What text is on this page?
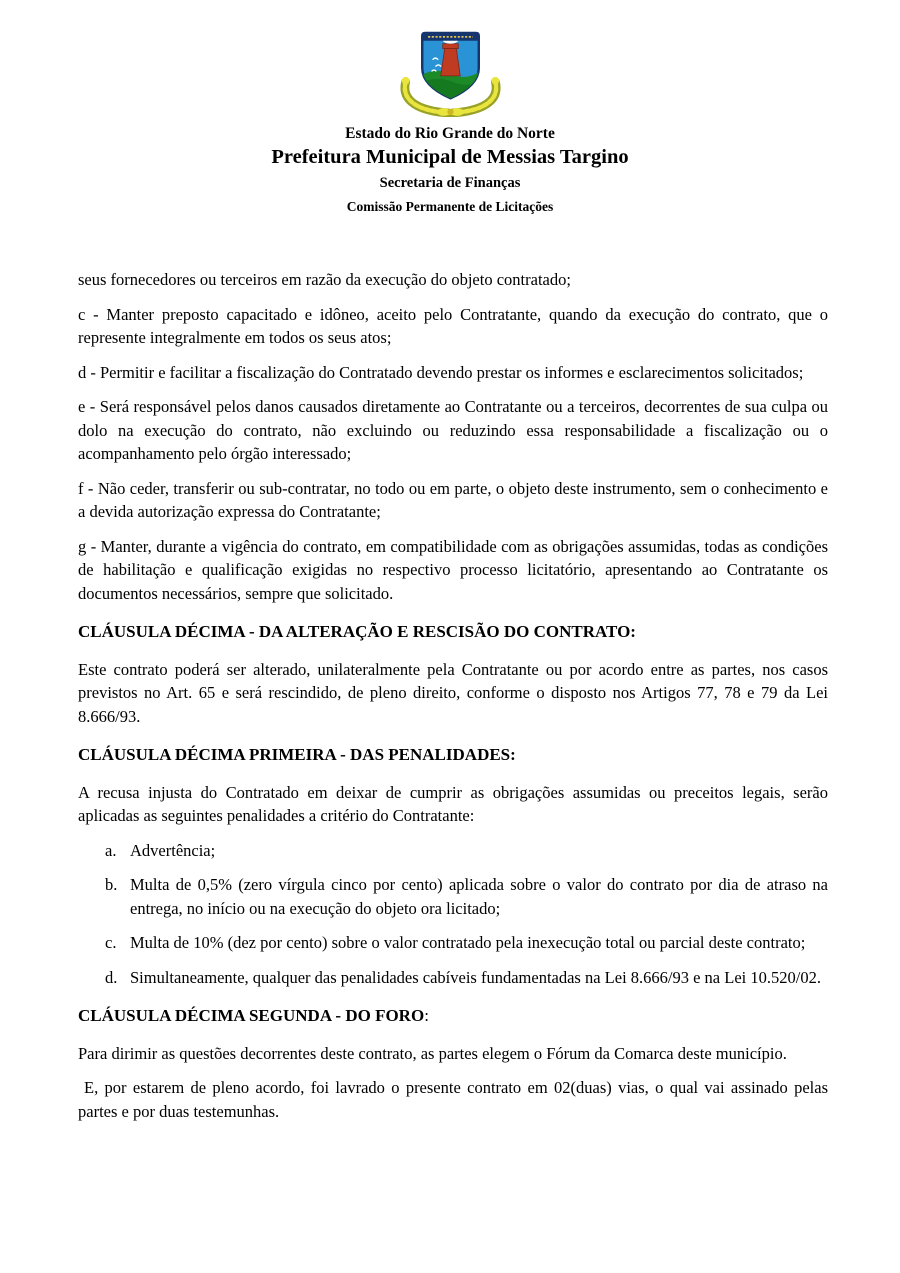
Estado do Rio Grande do Norte
Prefeitura Municipal de Messias Targino
Secretaria de Finanças
Comissão Permanente de Licitações

seus fornecedores ou terceiros em razão da execução do objeto contratado;

c - Manter preposto capacitado e idôneo, aceito pelo Contratante, quando da execução do contrato, que o represente integralmente em todos os seus atos;

d - Permitir e facilitar a fiscalização do Contratado devendo prestar os informes e esclarecimentos solicitados;

e - Será responsável pelos danos causados diretamente ao Contratante ou a terceiros, decorrentes de sua culpa ou dolo na execução do contrato, não excluindo ou reduzindo essa responsabilidade a fiscalização ou o acompanhamento pelo órgão interessado;

f - Não ceder, transferir ou sub-contratar, no todo ou em parte, o objeto deste instrumento, sem o conhecimento e a devida autorização expressa do Contratante;

g - Manter, durante a vigência do contrato, em compatibilidade com as obrigações assumidas, todas as condições de habilitação e qualificação exigidas no respectivo processo licitatório, apresentando ao Contratante os documentos necessários, sempre que solicitado.

CLÁUSULA DÉCIMA - DA ALTERAÇÃO E RESCISÃO DO CONTRATO:

Este contrato poderá ser alterado, unilateralmente pela Contratante ou por acordo entre as partes, nos casos previstos no Art. 65 e será rescindido, de pleno direito, conforme o disposto nos Artigos 77, 78 e 79 da Lei 8.666/93.

CLÁUSULA DÉCIMA PRIMEIRA - DAS PENALIDADES:

A recusa injusta do Contratado em deixar de cumprir as obrigações assumidas ou preceitos legais, serão aplicadas as seguintes penalidades a critério do Contratante:

a. Advertência;
b. Multa de 0,5% (zero vírgula cinco por cento) aplicada sobre o valor do contrato por dia de atraso na entrega, no início ou na execução do objeto ora licitado;
c. Multa de 10% (dez por cento) sobre o valor contratado pela inexecução total ou parcial deste contrato;
d. Simultaneamente, qualquer das penalidades cabíveis fundamentadas na Lei 8.666/93 e na Lei 10.520/02.
CLÁUSULA DÉCIMA SEGUNDA - DO FORO:

Para dirimir as questões decorrentes deste contrato, as partes elegem o Fórum da Comarca deste município.

E, por estarem de pleno acordo, foi lavrado o presente contrato em 02(duas) vias, o qual vai assinado pelas partes e por duas testemunhas.
